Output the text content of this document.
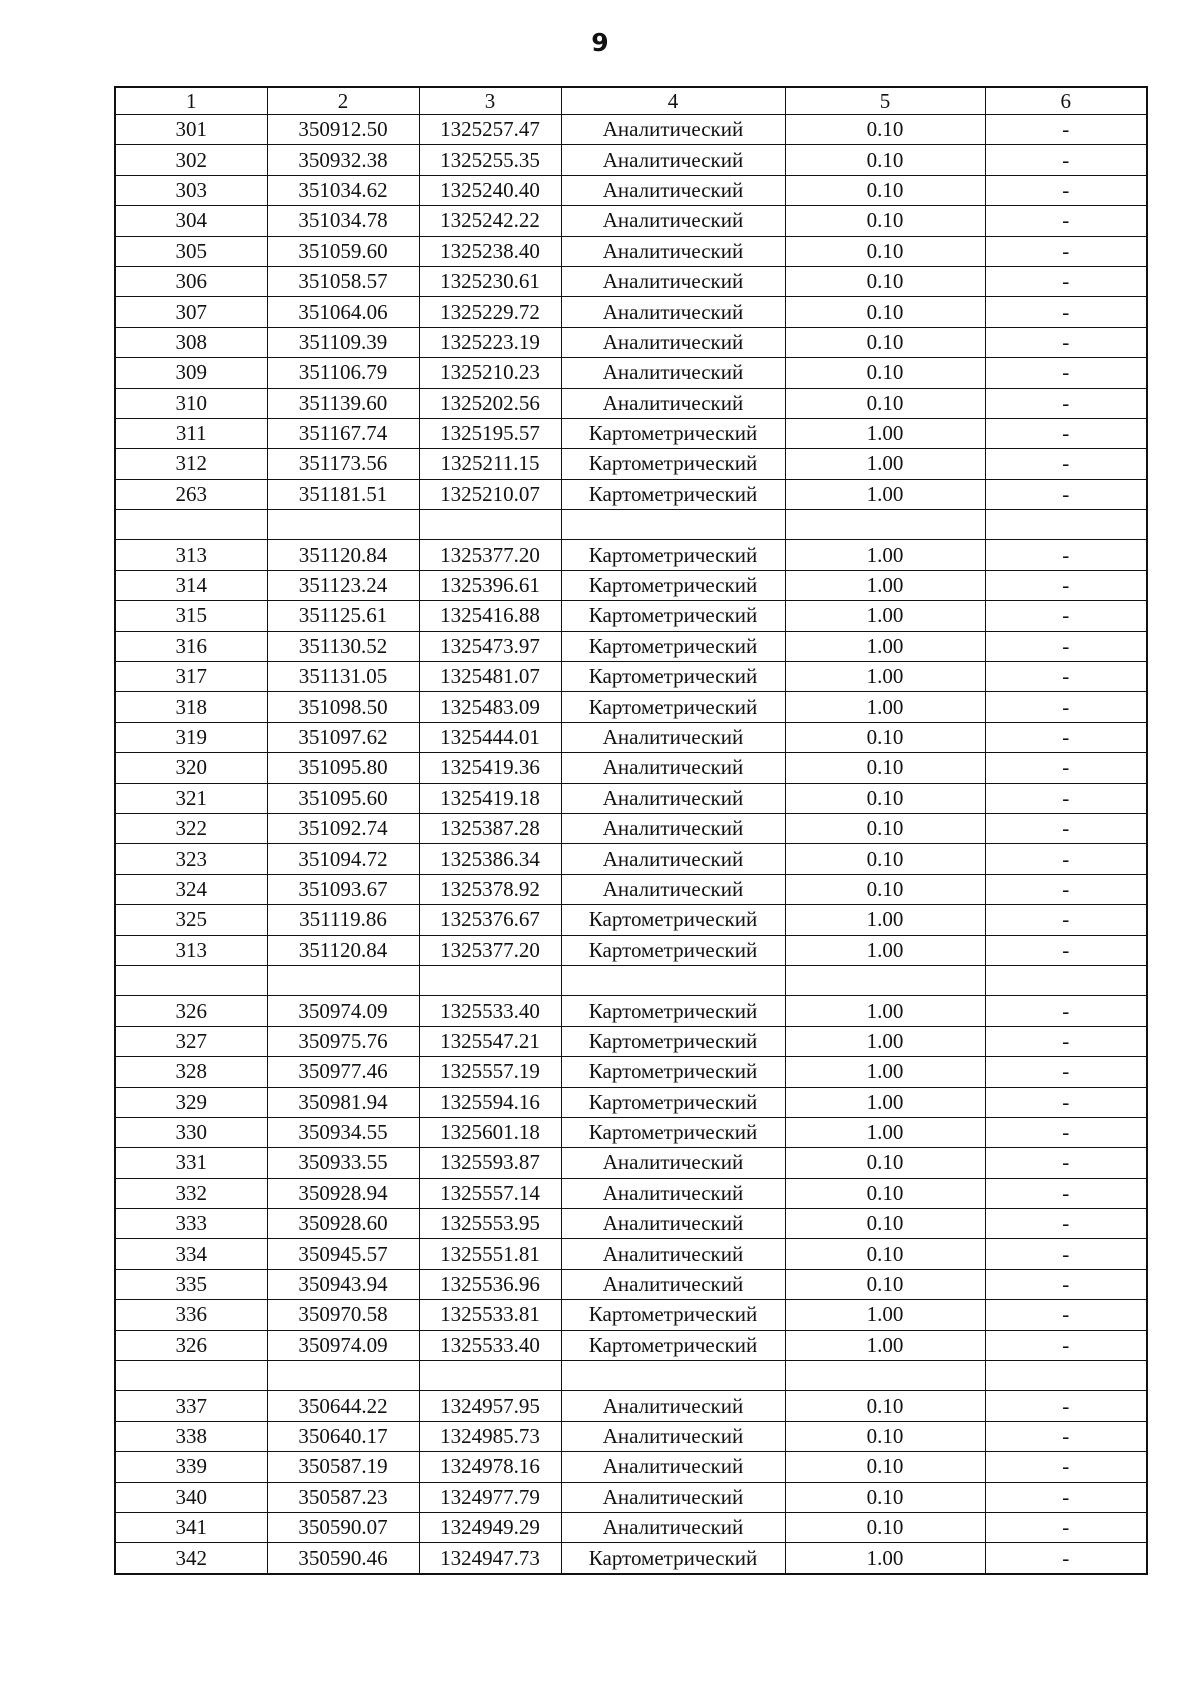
9
1	2	3	4	5	6
301	350912.50	1325257.47	Аналитический	0.10	-
302	350932.38	1325255.35	Аналитический	0.10	-
303	351034.62	1325240.40	Аналитический	0.10	-
304	351034.78	1325242.22	Аналитический	0.10	-
305	351059.60	1325238.40	Аналитический	0.10	-
306	351058.57	1325230.61	Аналитический	0.10	-
307	351064.06	1325229.72	Аналитический	0.10	-
308	351109.39	1325223.19	Аналитический	0.10	-
309	351106.79	1325210.23	Аналитический	0.10	-
310	351139.60	1325202.56	Аналитический	0.10	-
311	351167.74	1325195.57	Картометрический	1.00	-
312	351173.56	1325211.15	Картометрический	1.00	-
263	351181.51	1325210.07	Картометрический	1.00	-

313	351120.84	1325377.20	Картометрический	1.00	-
314	351123.24	1325396.61	Картометрический	1.00	-
315	351125.61	1325416.88	Картометрический	1.00	-
316	351130.52	1325473.97	Картометрический	1.00	-
317	351131.05	1325481.07	Картометрический	1.00	-
318	351098.50	1325483.09	Картометрический	1.00	-
319	351097.62	1325444.01	Аналитический	0.10	-
320	351095.80	1325419.36	Аналитический	0.10	-
321	351095.60	1325419.18	Аналитический	0.10	-
322	351092.74	1325387.28	Аналитический	0.10	-
323	351094.72	1325386.34	Аналитический	0.10	-
324	351093.67	1325378.92	Аналитический	0.10	-
325	351119.86	1325376.67	Картометрический	1.00	-
313	351120.84	1325377.20	Картометрический	1.00	-

326	350974.09	1325533.40	Картометрический	1.00	-
327	350975.76	1325547.21	Картометрический	1.00	-
328	350977.46	1325557.19	Картометрический	1.00	-
329	350981.94	1325594.16	Картометрический	1.00	-
330	350934.55	1325601.18	Картометрический	1.00	-
331	350933.55	1325593.87	Аналитический	0.10	-
332	350928.94	1325557.14	Аналитический	0.10	-
333	350928.60	1325553.95	Аналитический	0.10	-
334	350945.57	1325551.81	Аналитический	0.10	-
335	350943.94	1325536.96	Аналитический	0.10	-
336	350970.58	1325533.81	Картометрический	1.00	-
326	350974.09	1325533.40	Картометрический	1.00	-

337	350644.22	1324957.95	Аналитический	0.10	-
338	350640.17	1324985.73	Аналитический	0.10	-
339	350587.19	1324978.16	Аналитический	0.10	-
340	350587.23	1324977.79	Аналитический	0.10	-
341	350590.07	1324949.29	Аналитический	0.10	-
342	350590.46	1324947.73	Картометрический	1.00	-
